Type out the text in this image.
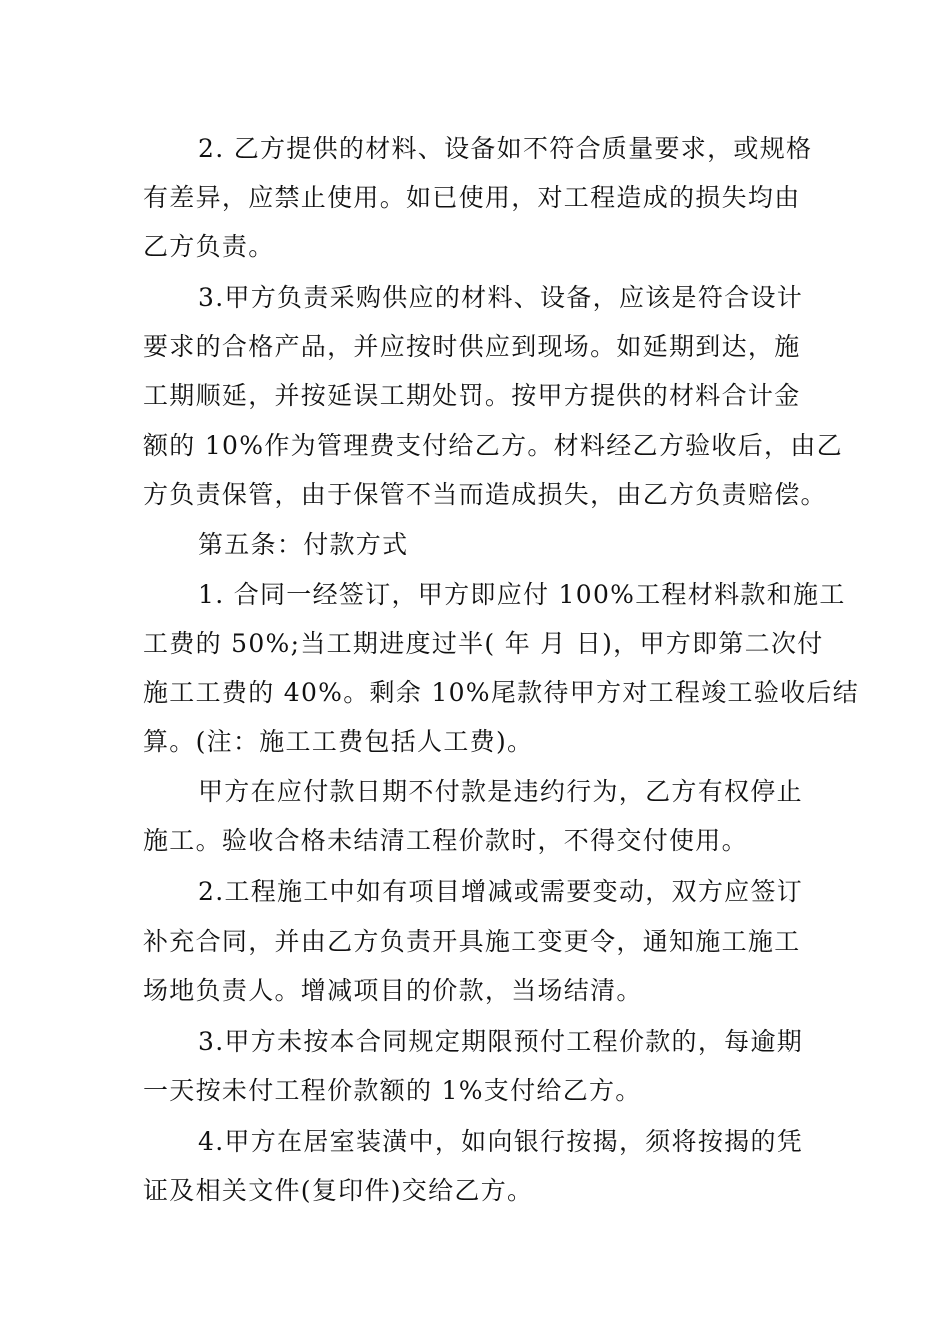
2. 乙方提供的材料、设备如不符合质量要求，或规格
有差异，应禁止使用。如已使用，对工程造成的损失均由
乙方负责。

3.甲方负责采购供应的材料、设备，应该是符合设计
要求的合格产品，并应按时供应到现场。如延期到达，施
工期顺延，并按延误工期处罚。按甲方提供的材料合计金
额的 10%作为管理费支付给乙方。材料经乙方验收后，由乙
方负责保管，由于保管不当而造成损失，由乙方负责赔偿。

第五条：付款方式

1. 合同一经签订，甲方即应付 100%工程材料款和施工
工费的 50%;当工期进度过半( 年 月 日)，甲方即第二次付
施工工费的 40%。剩余 10%尾款待甲方对工程竣工验收后结
算。(注：施工工费包括人工费)。

甲方在应付款日期不付款是违约行为，乙方有权停止
施工。验收合格未结清工程价款时，不得交付使用。

2.工程施工中如有项目增减或需要变动，双方应签订
补充合同，并由乙方负责开具施工变更令，通知施工施工
场地负责人。增减项目的价款，当场结清。

3.甲方未按本合同规定期限预付工程价款的，每逾期
一天按未付工程价款额的 1%支付给乙方。

4.甲方在居室装潢中，如向银行按揭，须将按揭的凭
证及相关文件(复印件)交给乙方。
